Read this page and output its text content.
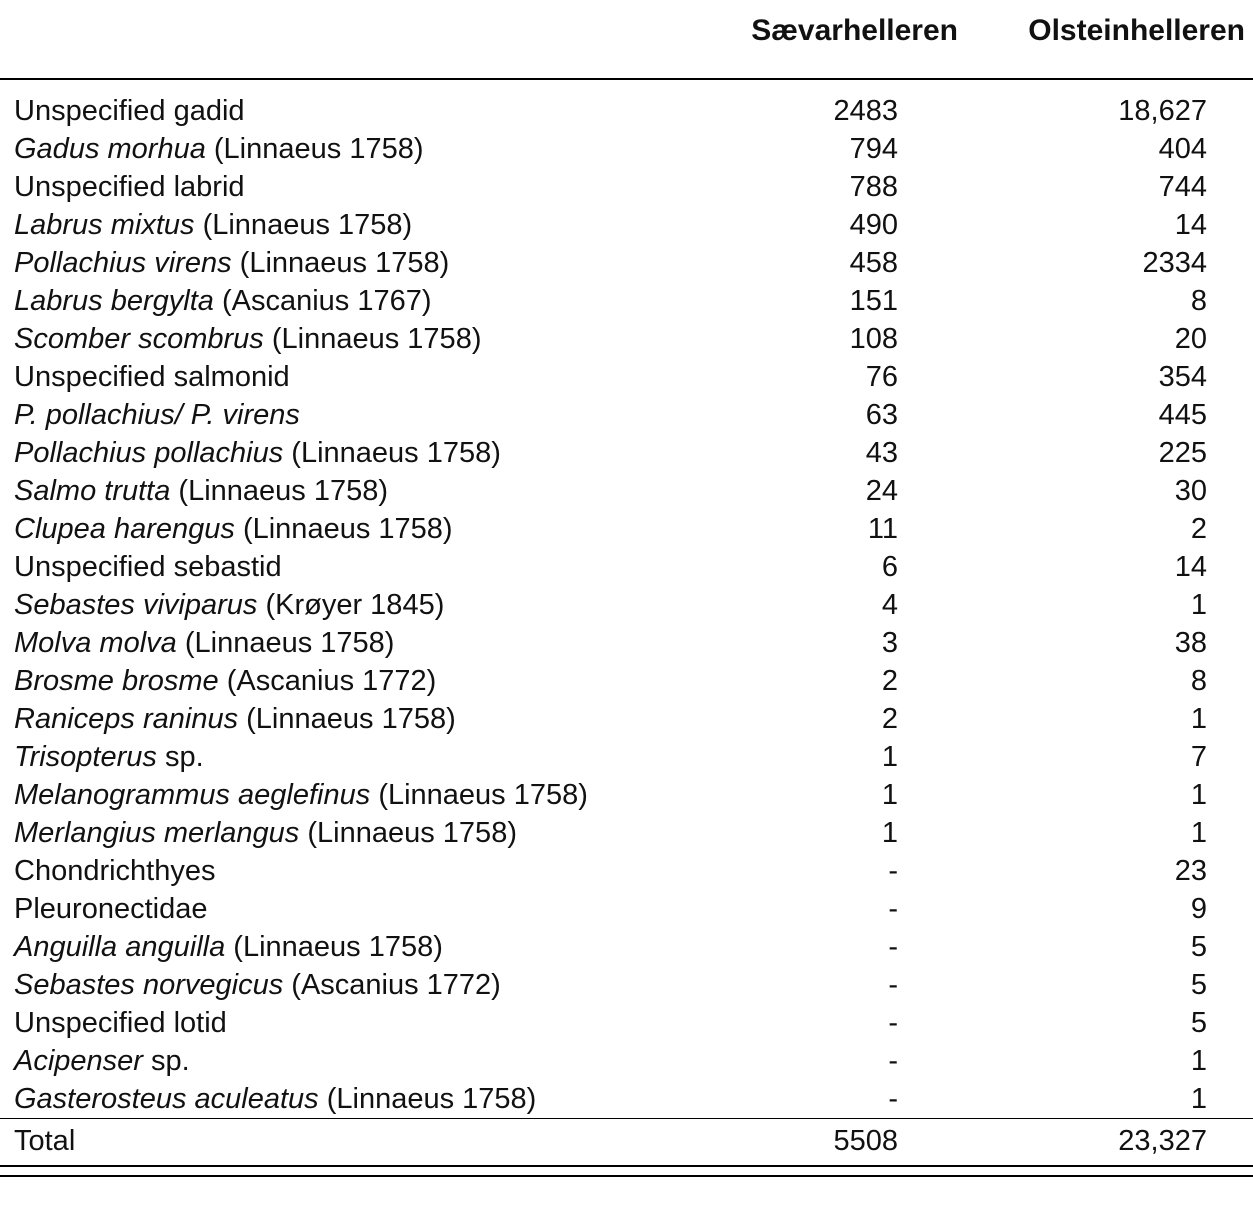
	Sævarhelleren	Olsteinhelleren
Unspecified gadid	2483	18,627
Gadus morhua (Linnaeus 1758)	794	404
Unspecified labrid	788	744
Labrus mixtus (Linnaeus 1758)	490	14
Pollachius virens (Linnaeus 1758)	458	2334
Labrus bergylta (Ascanius 1767)	151	8
Scomber scombrus (Linnaeus 1758)	108	20
Unspecified salmonid	76	354
P. pollachius/ P. virens	63	445
Pollachius pollachius (Linnaeus 1758)	43	225
Salmo trutta (Linnaeus 1758)	24	30
Clupea harengus (Linnaeus 1758)	11	2
Unspecified sebastid	6	14
Sebastes viviparus (Krøyer 1845)	4	1
Molva molva (Linnaeus 1758)	3	38
Brosme brosme (Ascanius 1772)	2	8
Raniceps raninus (Linnaeus 1758)	2	1
Trisopterus sp.	1	7
Melanogrammus aeglefinus (Linnaeus 1758)	1	1
Merlangius merlangus (Linnaeus 1758)	1	1
Chondrichthyes	-	23
Pleuronectidae	-	9
Anguilla anguilla (Linnaeus 1758)	-	5
Sebastes norvegicus (Ascanius 1772)	-	5
Unspecified lotid	-	5
Acipenser sp.	-	1
Gasterosteus aculeatus (Linnaeus 1758)	-	1
Total	5508	23,327
